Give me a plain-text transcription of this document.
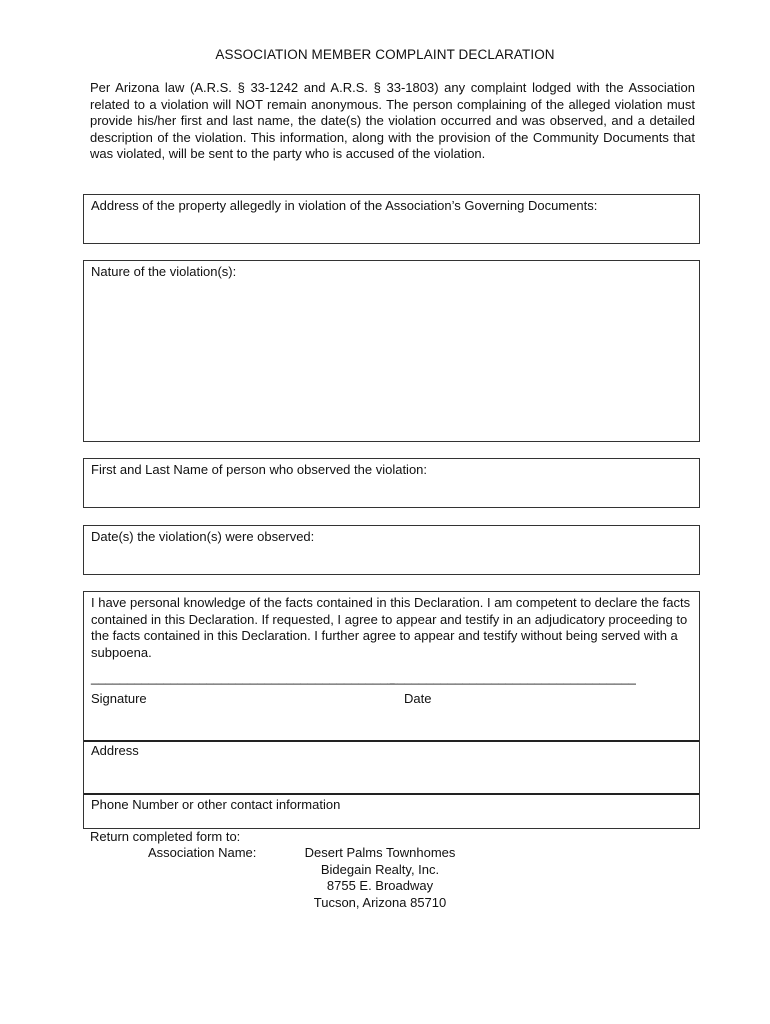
ASSOCIATION MEMBER COMPLAINT DECLARATION
Per Arizona law (A.R.S. § 33-1242 and A.R.S. § 33-1803) any complaint lodged with the Association related to a violation will NOT remain anonymous. The person complaining of the alleged violation must provide his/her first and last name, the date(s) the violation occurred and was observed, and a detailed description of the violation. This information, along with the provision of the Community Documents that was violated, will be sent to the party who is accused of the violation.
Address of the property allegedly in violation of the Association’s Governing Documents:
Nature of the violation(s):
First and Last Name of person who observed the violation:
Date(s) the violation(s) were observed:
I have personal knowledge of the facts contained in this Declaration. I am competent to declare the facts contained in this Declaration. If requested, I agree to appear and testify in an adjudicatory proceeding to the facts contained in this Declaration. I further agree to appear and testify without being served with a subpoena.
__________________________________________
__________________________________
Signature	Date
Address
Phone Number or other contact information
Return completed form to:
Association Name:	Desert Palms Townhomes
Bidegain Realty, Inc.
8755 E. Broadway
Tucson, Arizona 85710
